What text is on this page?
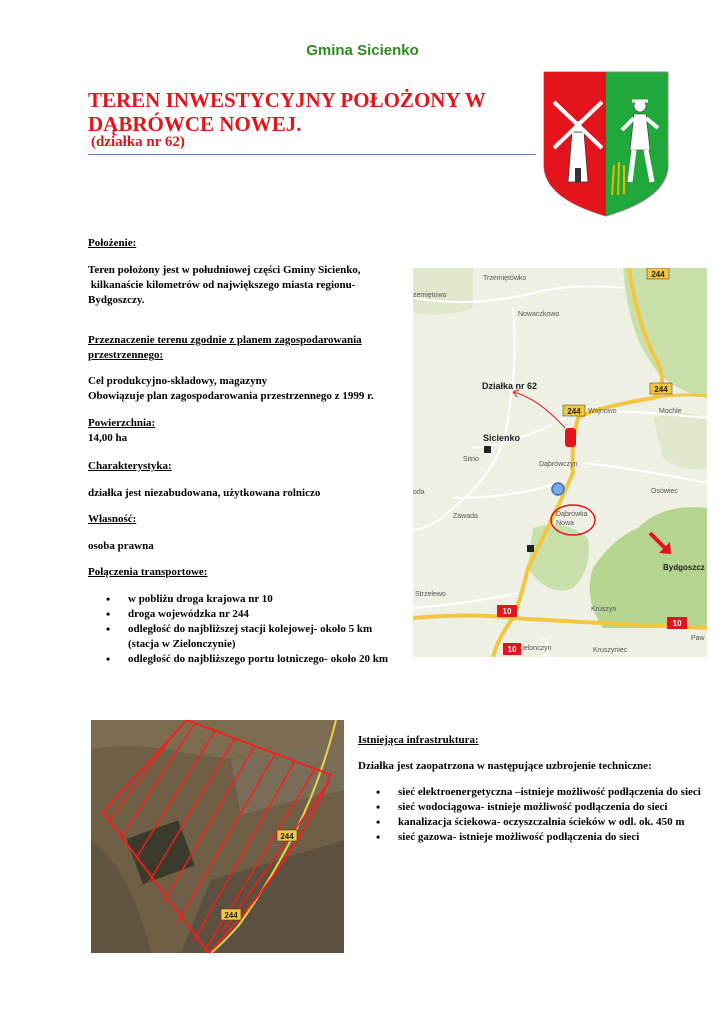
Gmina Sicienko
TEREN INWESTYCYJNY POŁOŻONY W DĄBRÓWCE NOWEJ.
(działka nr 62)
Położenie:
Teren położony jest w południowej części Gminy Sicienko,
kilkanaście kilometrów od największego miasta regionu-
Bydgoszczy.
Przeznaczenie terenu zgodnie z planem zagospodarowania
przestrzennego:
Cel produkcyjno-składowy, magazyny
Obowiązuje plan zagospodarowania przestrzennego z 1999 r.
Powierzchnia:
14,00 ha
Charakterystyka:
działka jest niezabudowana, użytkowana rolniczo
Własność:
osoba prawna
Połączenia transportowe:
• w pobliżu droga krajowa nr 10
• droga wojewódzka nr 244
• odległość do najbliższej stacji kolejowej- około 5 km
(stacja w Zielonczynie)
• odległość do najbliższego portu lotniczego- około 20 km
244
244
244
10
10
10
Trzemiętówko
zemiętowo
Nowaczkowo
Sicienko
Sitno
Wojnowo	Mochle
Dąbrówczyn
Osówiec
oda
Zawada	Dąbrówka
Nowa
Bydgoszcz
Strzelewo
Kruszyn
Kruszyniec
Zielonczyn
Paw
Działka nr 62
244
244
Istniejąca infrastruktura:
Działka jest zaopatrzona w następujące uzbrojenie techniczne:
• sieć elektroenergetyczna –istnieje możliwość podłączenia do sieci
• sieć wodociągowa- istnieje możliwość podłączenia do sieci
• kanalizacja ściekowa- oczyszczalnia ścieków w odl. ok. 450 m
• sieć gazowa- istnieje możliwość podłączenia do sieci
